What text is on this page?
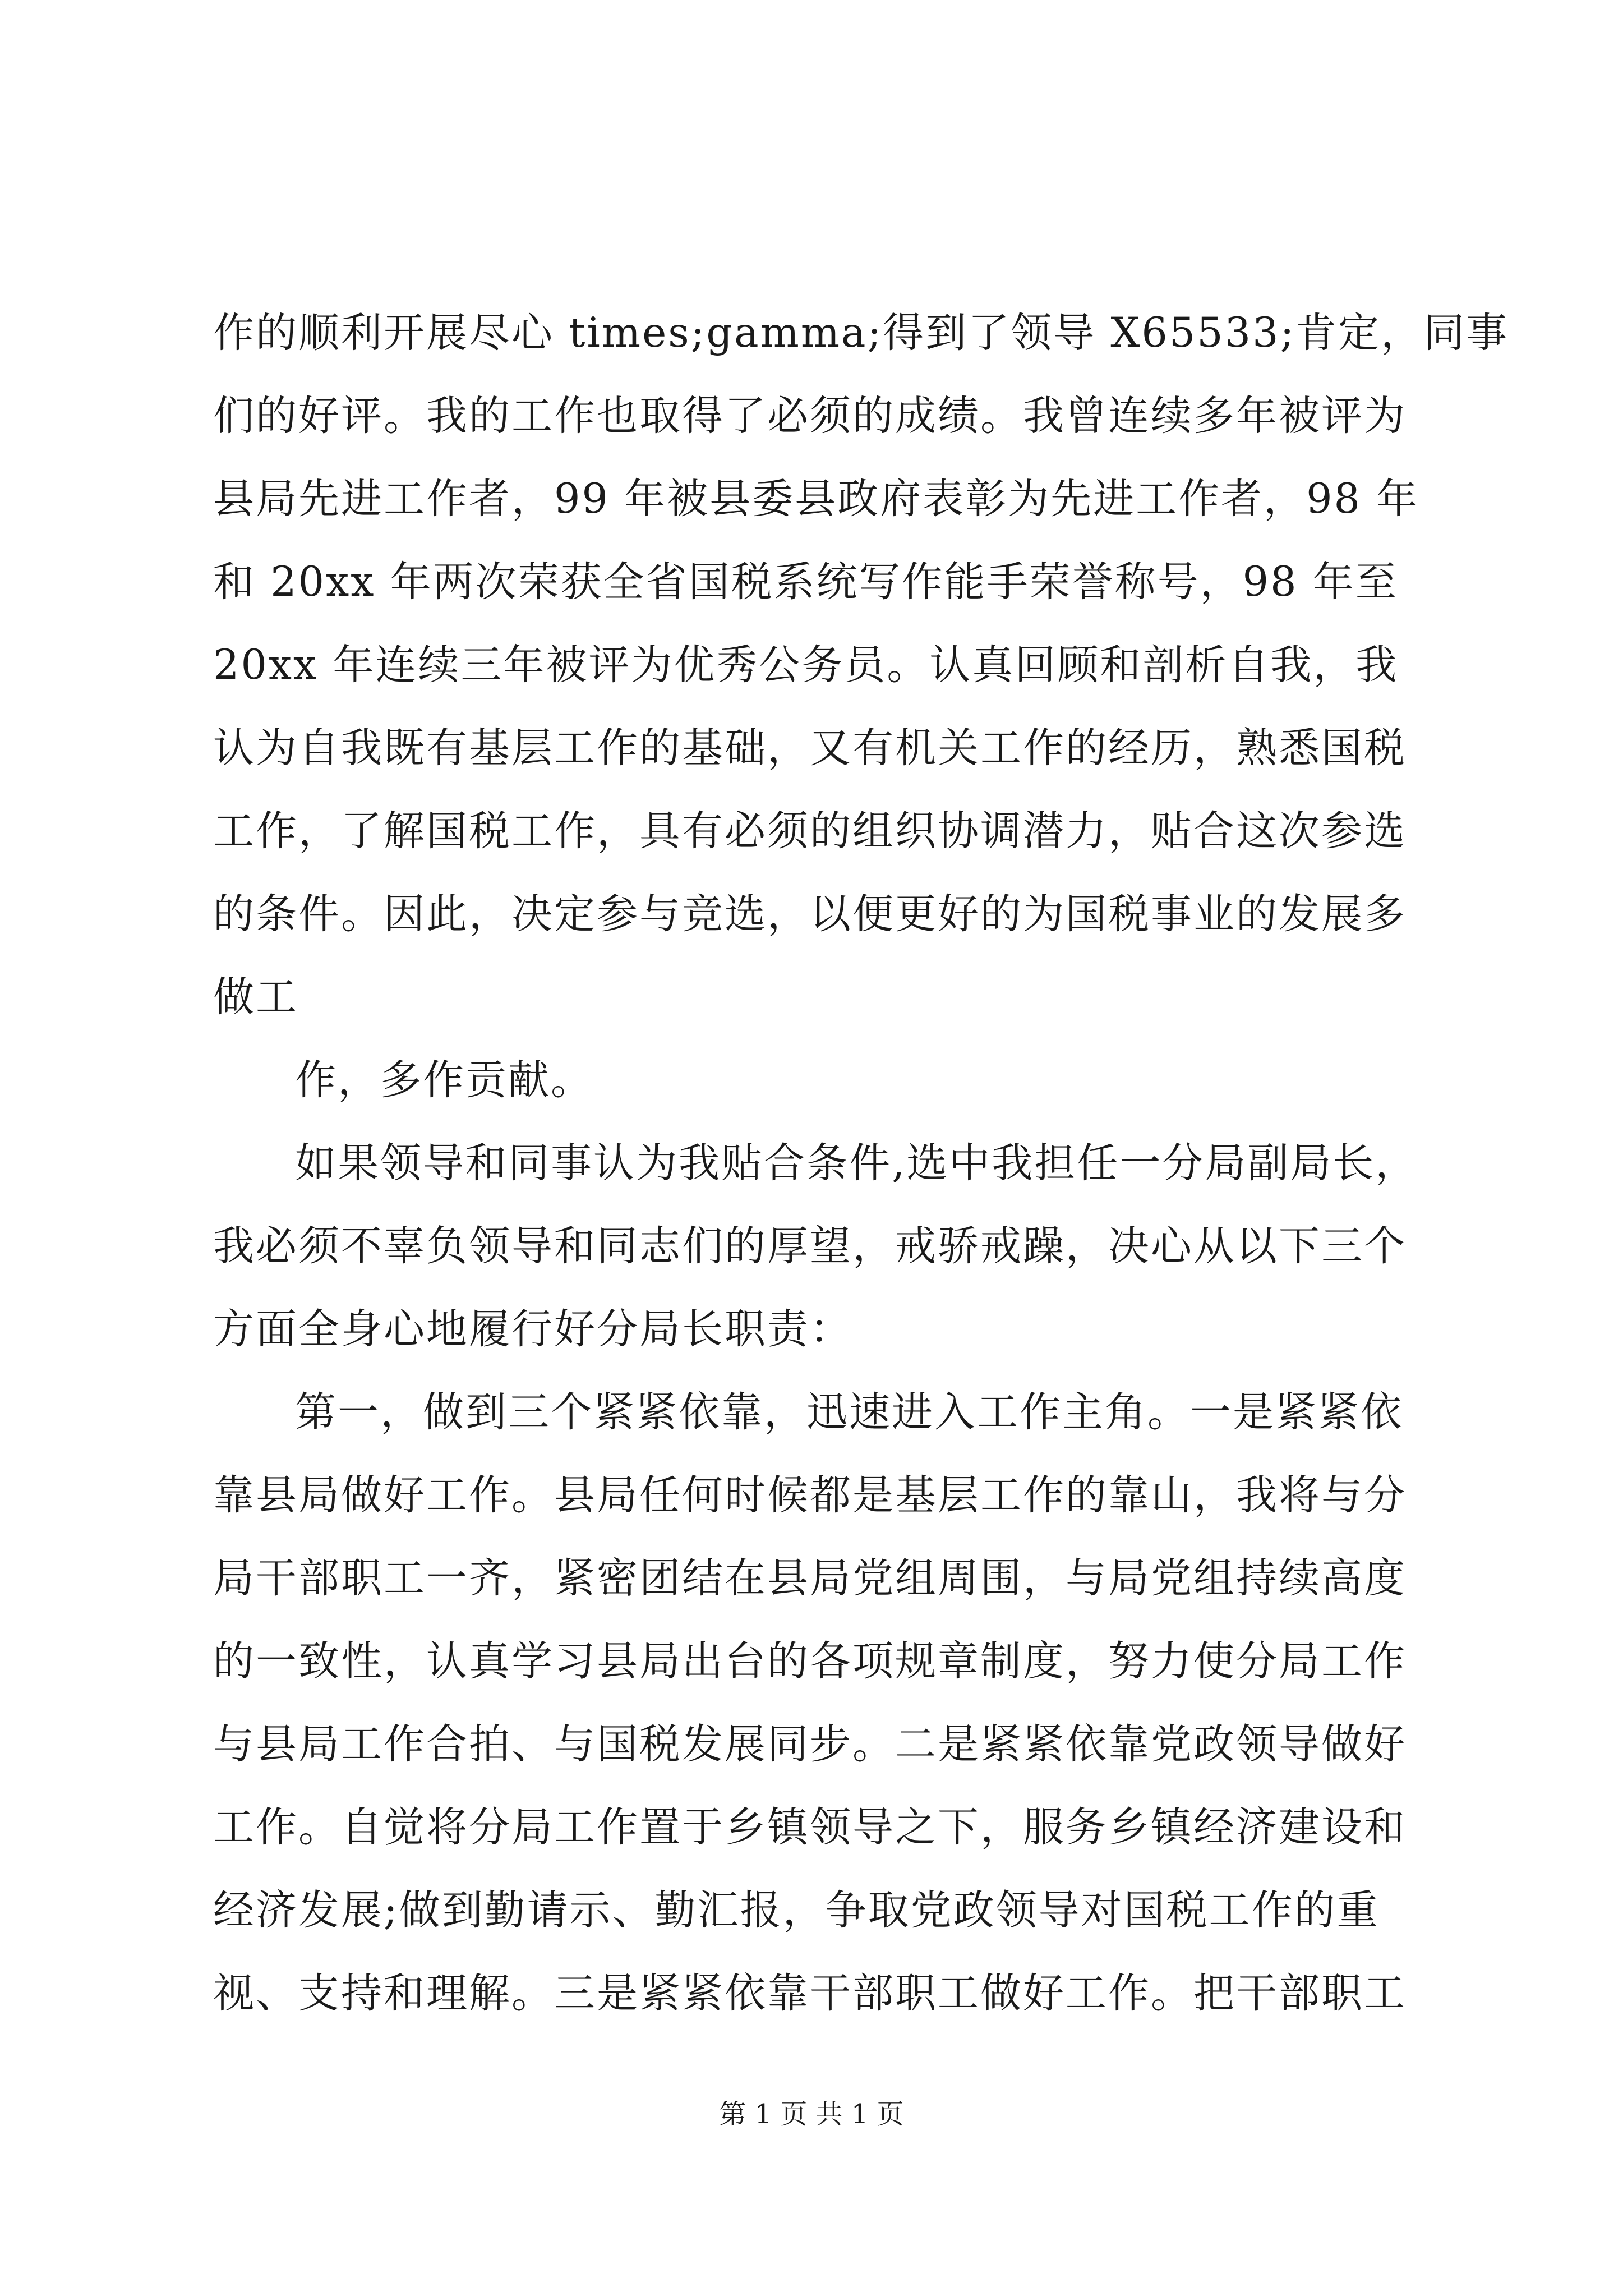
作的顺利开展尽心 times;gamma;得到了领导 X65533;肯定，同事
们的好评。我的工作也取得了必须的成绩。我曾连续多年被评为
县局先进工作者，99 年被县委县政府表彰为先进工作者，98 年
和 20xx 年两次荣获全省国税系统写作能手荣誉称号，98 年至
20xx 年连续三年被评为优秀公务员。认真回顾和剖析自我，我
认为自我既有基层工作的基础，又有机关工作的经历，熟悉国税
工作，了解国税工作，具有必须的组织协调潜力，贴合这次参选
的条件。因此，决定参与竞选，以便更好的为国税事业的发展多
做工
作，多作贡献。
如果领导和同事认为我贴合条件,选中我担任一分局副局长，
我必须不辜负领导和同志们的厚望，戒骄戒躁，决心从以下三个
方面全身心地履行好分局长职责：
第一，做到三个紧紧依靠，迅速进入工作主角。一是紧紧依
靠县局做好工作。县局任何时候都是基层工作的靠山，我将与分
局干部职工一齐，紧密团结在县局党组周围，与局党组持续高度
的一致性，认真学习县局出台的各项规章制度，努力使分局工作
与县局工作合拍、与国税发展同步。二是紧紧依靠党政领导做好
工作。自觉将分局工作置于乡镇领导之下，服务乡镇经济建设和
经济发展;做到勤请示、勤汇报，争取党政领导对国税工作的重
视、支持和理解。三是紧紧依靠干部职工做好工作。把干部职工
第 1 页 共 1 页
